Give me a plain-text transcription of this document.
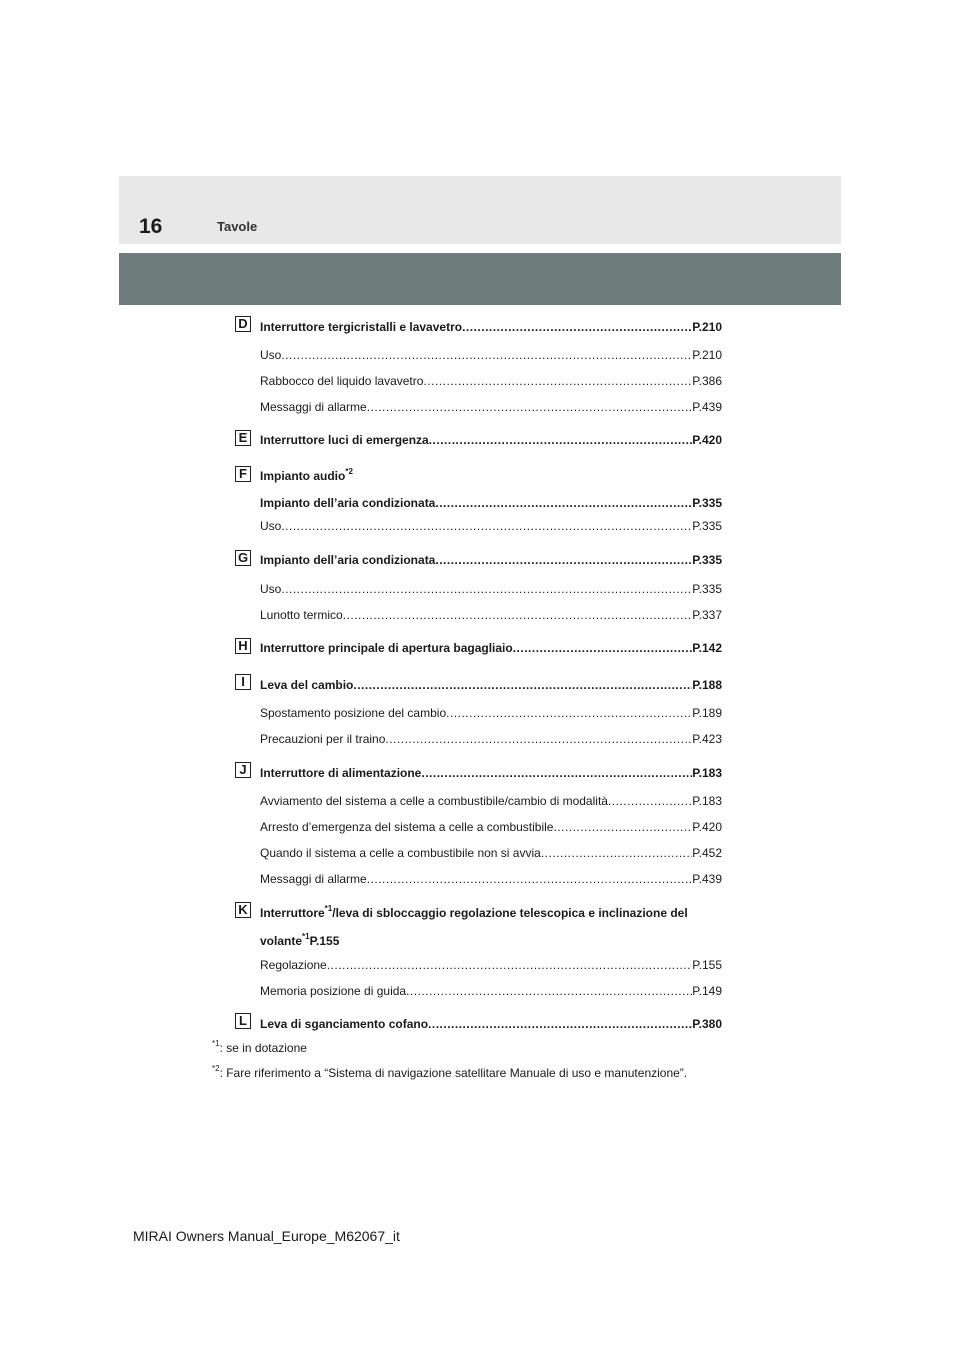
16	Tavole
D Interruttore tergicristalli e lavavetro .....	P.210
Uso .....	P.210
Rabbocco del liquido lavavetro .....	P.386
Messaggi di allarme .....	P.439
E	Interruttore luci di emergenza .....	P.420
F	Impianto audio$^{*2}$
Impianto dell’aria condizionata .....	P.335
Uso .....	P.335
G Impianto dell’aria condizionata .....	P.335
Uso .....	P.335
Lunotto termico .....	P.337
H Interruttore principale di apertura bagagliaio .....	P.142
I	Leva del cambio .....	P.188
Spostamento posizione del cambio .....	P.189
Precauzioni per il traino .....	P.423
J	Interruttore di alimentazione .....	P.183
Avviamento del sistema a celle a combustibile/cambio di modalità .....	P.183
Arresto d’emergenza del sistema a celle a combustibile .....	P.420
Quando il sistema a celle a combustibile non si avvia .....	P.452
Messaggi di allarme .....	P.439
K Interruttore$^{*1}$/leva di sbloccaggio regolazione telescopica e inclinazione del
volante$^{*1}$P.155
Regolazione .....	P.155
Memoria posizione di guida .....	P.149
L	Leva di sganciamento cofano .....	P.380
$^{*1}$: se in dotazione
$^{*2}$: Fare riferimento a “Sistema di navigazione satellitare Manuale di uso e manutenzione”.
MIRAI Owners Manual_Europe_M62067_it
